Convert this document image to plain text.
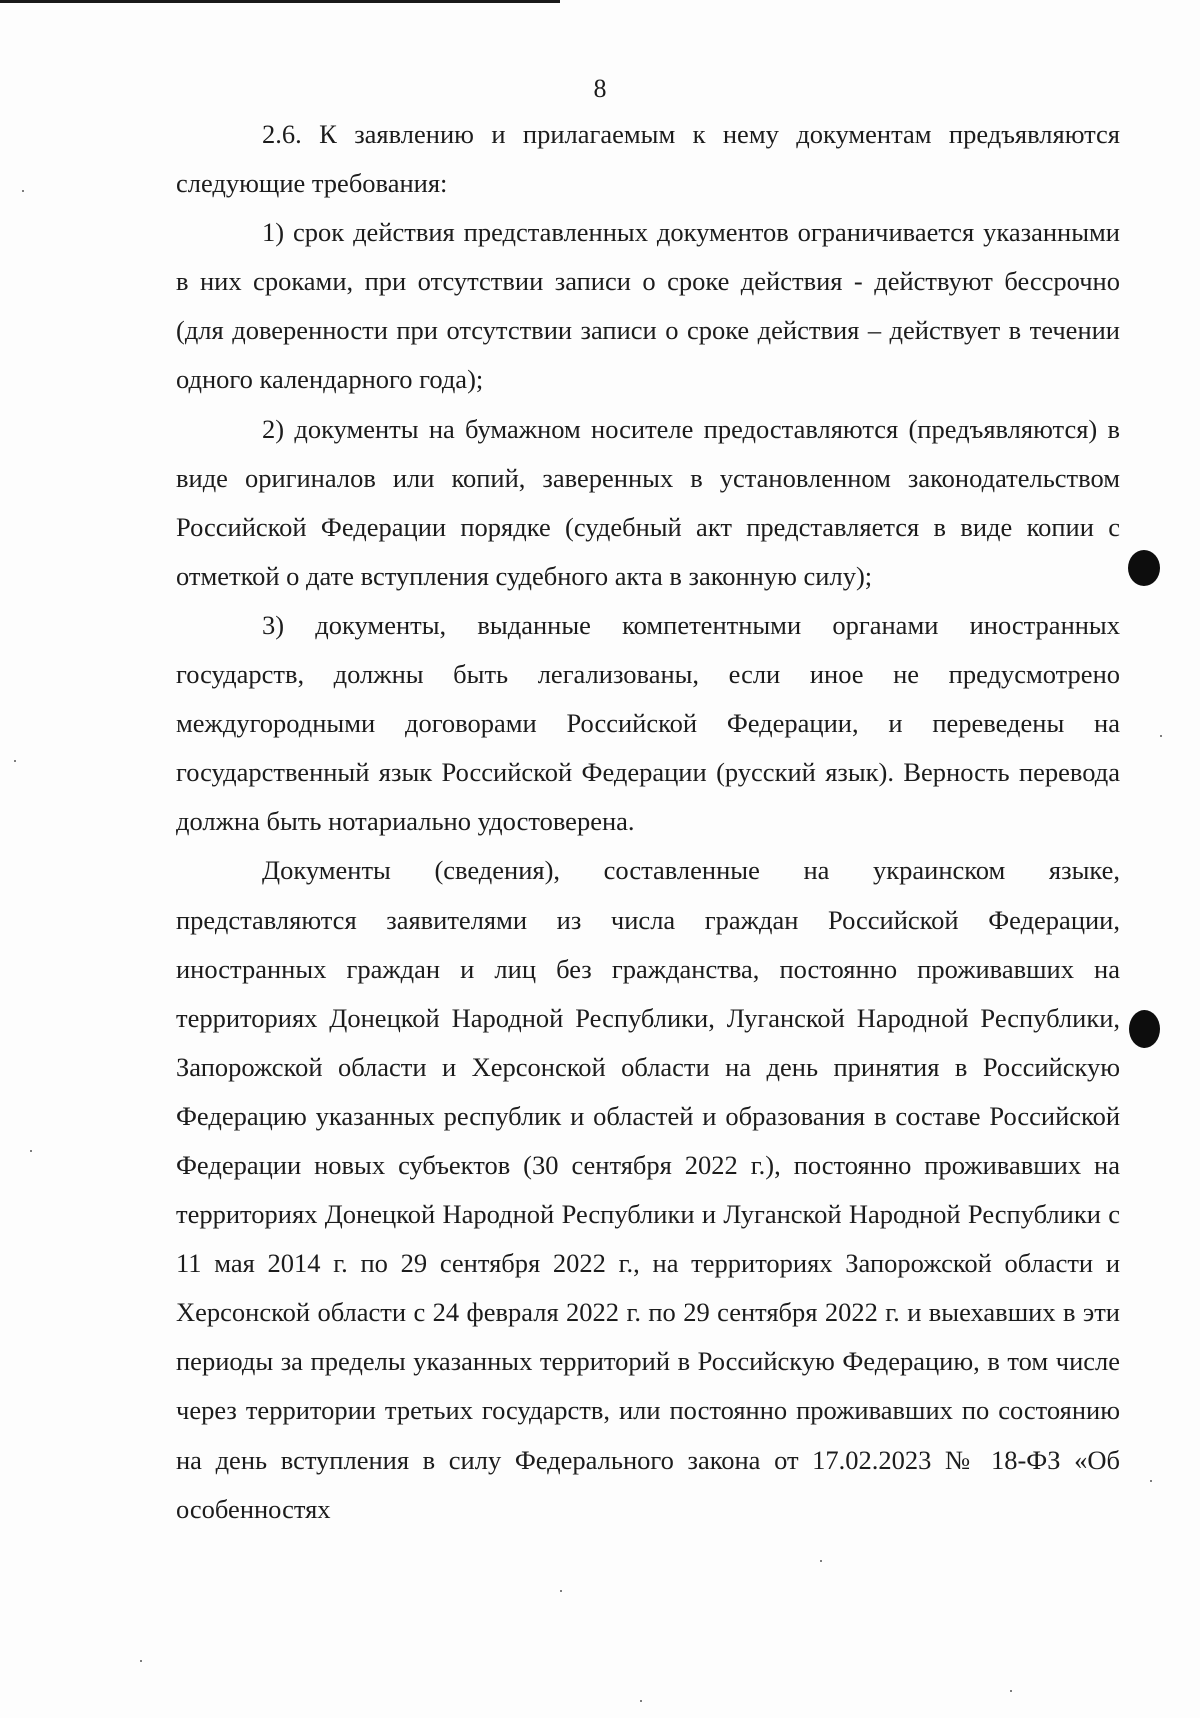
8

2.6. К заявлению и прилагаемым к нему документам предъявляются следующие требования:

1) срок действия представленных документов ограничивается указанными в них сроками, при отсутствии записи о сроке действия - действуют бессрочно (для доверенности при отсутствии записи о сроке действия – действует в течении одного календарного года);

2) документы на бумажном носителе предоставляются (предъявляются) в виде оригиналов или копий, заверенных в установленном законодательством Российской Федерации порядке (судебный акт представляется в виде копии с отметкой о дате вступления судебного акта в законную силу);

3) документы, выданные компетентными органами иностранных государств, должны быть легализованы, если иное не предусмотрено междугородными договорами Российской Федерации, и переведены на государственный язык Российской Федерации (русский язык). Верность перевода должна быть нотариально удостоверена.

Документы (сведения), составленные на украинском языке, представляются заявителями из числа граждан Российской Федерации, иностранных граждан и лиц без гражданства, постоянно проживавших на территориях Донецкой Народной Республики, Луганской Народной Республики, Запорожской области и Херсонской области на день принятия в Российскую Федерацию указанных республик и областей и образования в составе Российской Федерации новых субъектов (30 сентября 2022 г.), постоянно проживавших на территориях Донецкой Народной Республики и Луганской Народной Республики с 11 мая 2014 г. по 29 сентября 2022 г., на территориях Запорожской области и Херсонской области с 24 февраля 2022 г. по 29 сентября 2022 г. и выехавших в эти периоды за пределы указанных территорий в Российскую Федерацию, в том числе через территории третьих государств, или постоянно проживавших по состоянию на день вступления в силу Федерального закона от 17.02.2023 № 18-ФЗ «Об особенностях
